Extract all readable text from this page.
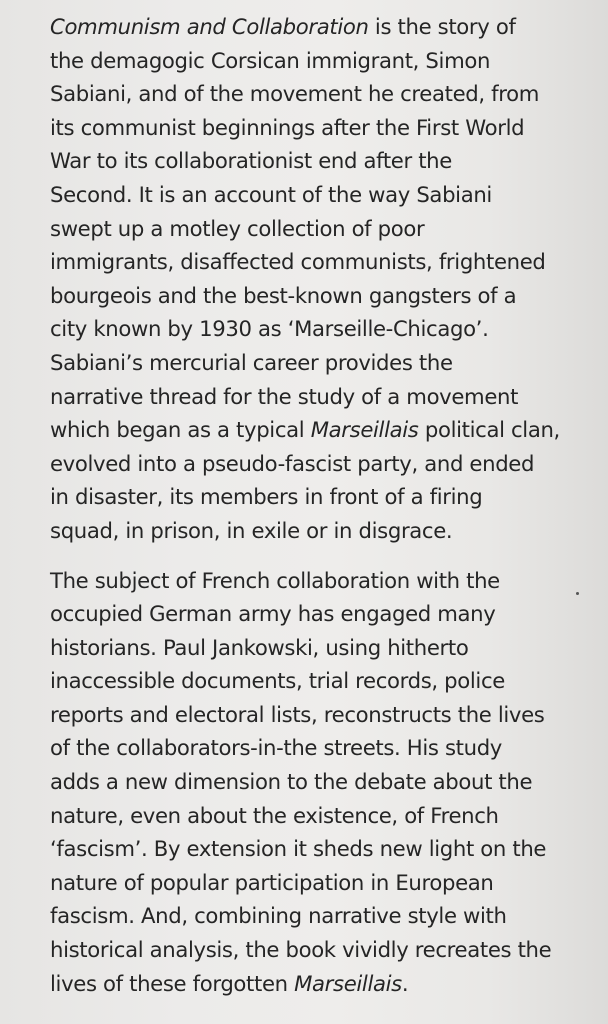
Communism and Collaboration is the story of
the demagogic Corsican immigrant, Simon
Sabiani, and of the movement he created, from
its communist beginnings after the First World
War to its collaborationist end after the
Second. It is an account of the way Sabiani
swept up a motley collection of poor
immigrants, disaffected communists, frightened
bourgeois and the best-known gangsters of a
city known by 1930 as ‘Marseille-Chicago’.
Sabiani’s mercurial career provides the
narrative thread for the study of a movement
which began as a typical Marseillais political clan,
evolved into a pseudo-fascist party, and ended
in disaster, its members in front of a firing
squad, in prison, in exile or in disgrace.

The subject of French collaboration with the
occupied German army has engaged many
historians. Paul Jankowski, using hitherto
inaccessible documents, trial records, police
reports and electoral lists, reconstructs the lives
of the collaborators-in-the streets. His study
adds a new dimension to the debate about the
nature, even about the existence, of French
‘fascism’. By extension it sheds new light on the
nature of popular participation in European
fascism. And, combining narrative style with
historical analysis, the book vividly recreates the
lives of these forgotten Marseillais.
